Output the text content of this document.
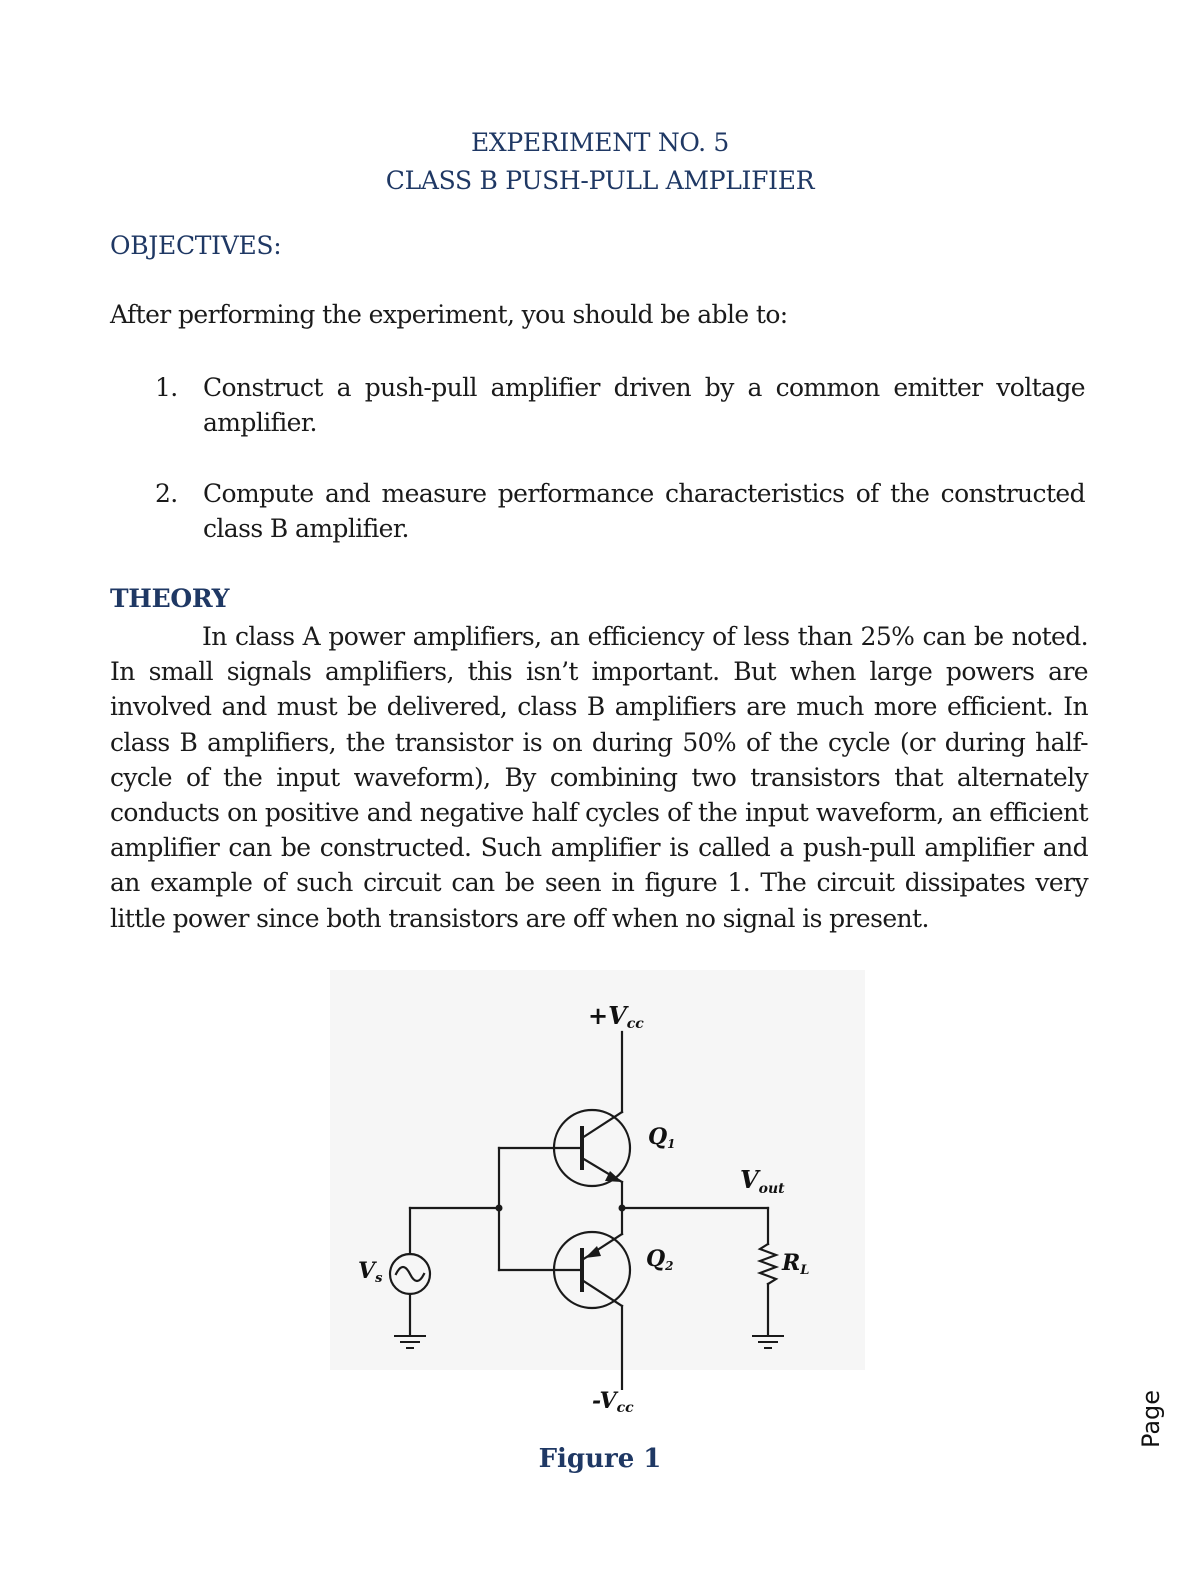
EXPERIMENT NO. 5
CLASS B PUSH-PULL AMPLIFIER
OBJECTIVES:
After performing the experiment, you should be able to:
1.	Construct a push-pull amplifier driven by a common emitter voltage amplifier.
2.	Compute and measure performance characteristics of the constructed class B amplifier.
THEORY

In class A power amplifiers, an efficiency of less than 25% can be noted. In small signals amplifiers, this isn’t important. But when large powers are involved and must be delivered, class B amplifiers are much more efficient. In class B amplifiers, the transistor is on during 50% of the cycle (or during half- cycle of the input waveform), By combining two transistors that alternately conducts on positive and negative half cycles of the input waveform, an efficient amplifier can be constructed. Such amplifier is called a push-pull amplifier and an example of such circuit can be seen in figure 1. The circuit dissipates very little power since both transistors are off when no signal is present.

+Vcc
Q1
$V_{out}$
Q2
Vs
RL
-Vcc
Figure 1
Page
